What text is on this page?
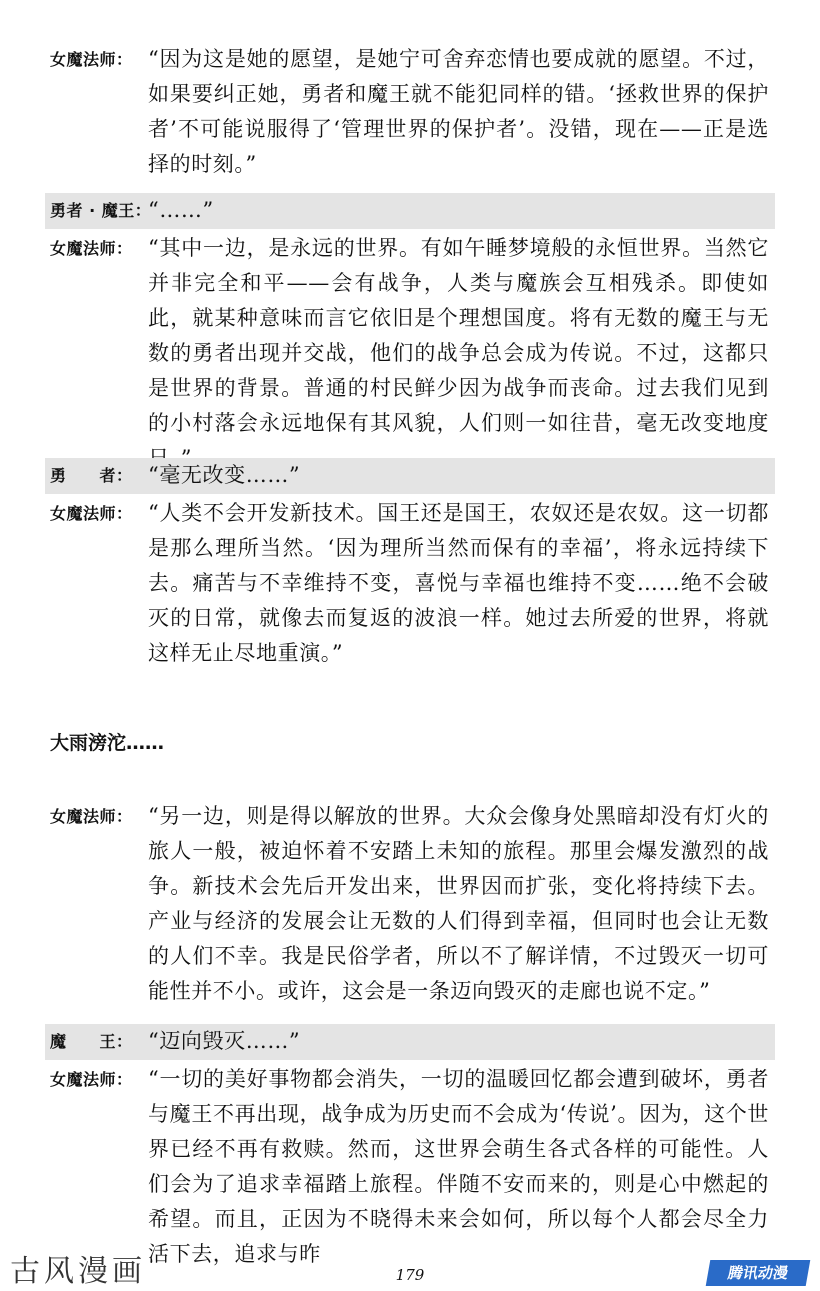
女魔法师： “因为这是她的愿望，是她宁可舍弃恋情也要成就的愿望。不过，如果要纠正她，勇者和魔王就不能犯同样的错。‘拯救世界的保护者’不可能说服得了‘管理世界的保护者’。没错，现在——正是选择的时刻。”
勇者 · 魔王：
“……”
女魔法师： “其中一边，是永远的世界。有如午睡梦境般的永恒世界。当然它并非完全和平——会有战争，人类与魔族会互相残杀。即使如此，就某种意味而言它依旧是个理想国度。将有无数的魔王与无数的勇者出现并交战，他们的战争总会成为传说。不过，这都只是世界的背景。普通的村民鲜少因为战争而丧命。过去我们见到的小村落会永远地保有其风貌，人们则一如往昔，毫无改变地度
勇　　者： “毫无改变……”
女魔法师： “人类不会开发新技术。国王还是国王，农奴还是农奴。这一切都是那么理所当然。‘因为理所当然而保有的幸福’，将永远持续下去。痛苦与不幸维持不变，喜悦与幸福也维持不变……绝不会破灭的日常，就像去而复返的波浪一样。她过去所爱的世界，将就这样无止尽地重演。”
大雨滂沱……
女魔法师： “另一边，则是得以解放的世界。大众会像身处黑暗却没有灯火的旅人一般，被迫怀着不安踏上未知的旅程。那里会爆发激烈的战争。新技术会先后开发出来，世界因而扩张，变化将持续下去。产业与经济的发展会让无数的人们得到幸福，但同时也会让无数的人们不幸。我是民俗学者，所以不了解详情，不过毁灭一切可能性并不小。或许，这会是一条迈向毁灭的走廊也说不定。”
魔　　王： “迈向毁灭……”
女魔法师： “一切的美好事物都会消失，一切的温暖回忆都会遭到破坏，勇者与魔王不再出现，战争成为历史而不会成为‘传说’。因为，这个世界已经不再有救赎。然而，这世界会萌生各式各样的可能性。人们会为了追求幸福踏上旅程。伴随不安而来的，则是心中燃起的希望。而且，正因为不晓得未来会如何，所以每个人都会尽全力活下去，追求与昨
古风漫画	179	腾讯动漫
